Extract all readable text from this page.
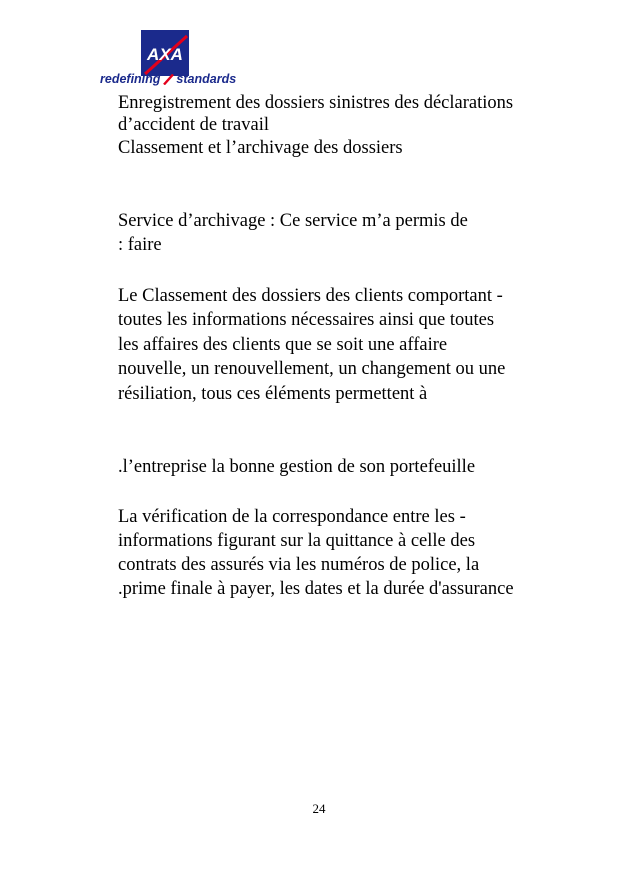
AXA
redefining standards
Enregistrement des dossiers sinistres des déclarations
d’accident de travail
Classement et l’archivage des dossiers
Service d’archivage : Ce service m’a permis de
: faire
Le Classement des dossiers des clients comportant -
toutes les informations nécessaires ainsi que toutes
les affaires des clients que se soit une affaire
nouvelle, un renouvellement, un changement ou une
résiliation, tous ces éléments permettent à
.l’entreprise la bonne gestion de son portefeuille
La vérification de la correspondance entre les -
informations figurant sur la quittance à celle des
contrats des assurés via les numéros de police, la
.prime finale à payer, les dates et la durée d'assurance
24
